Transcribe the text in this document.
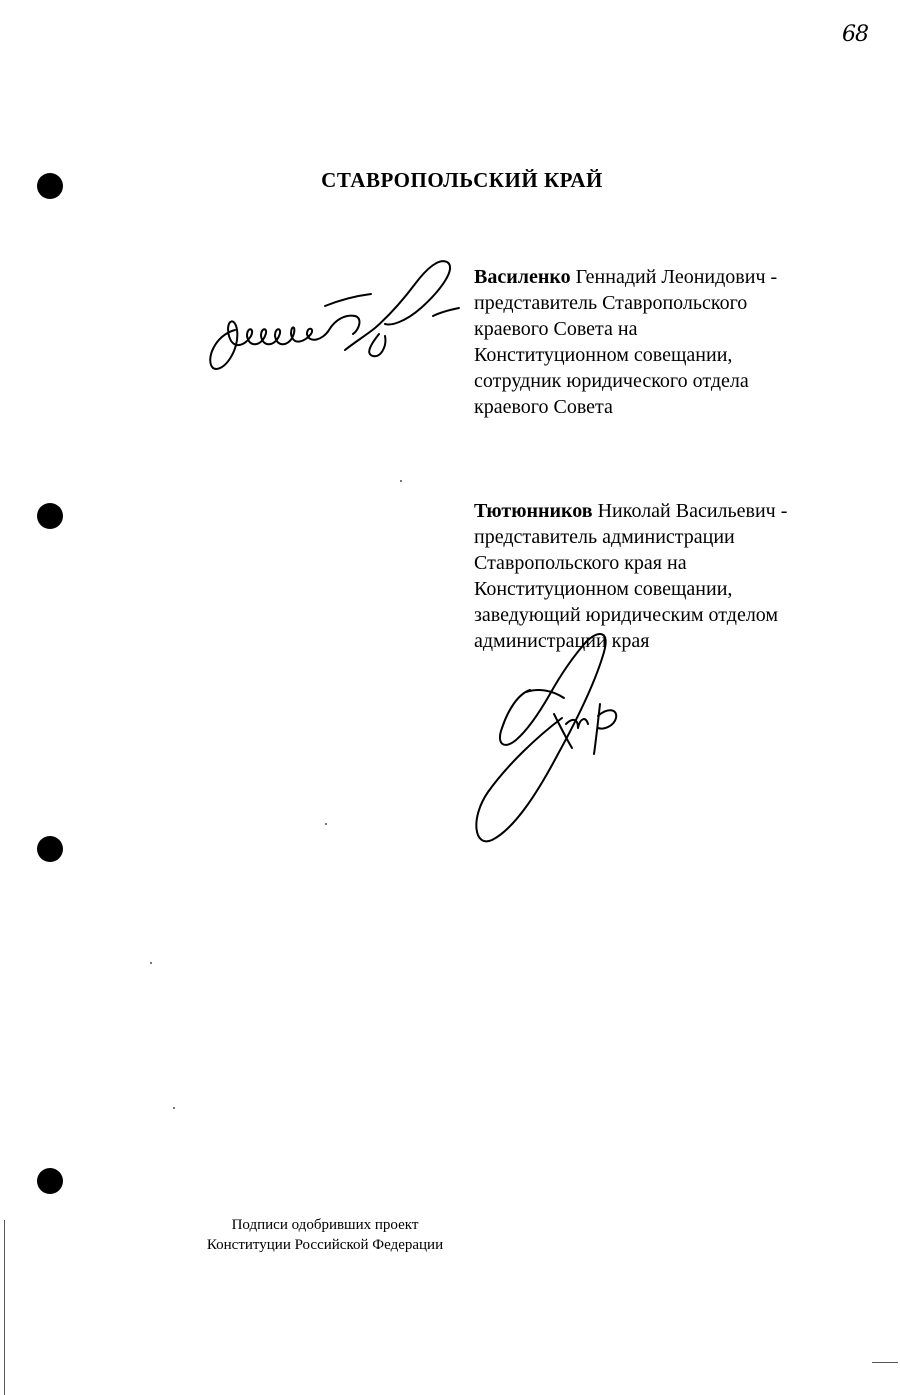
68
СТАВРОПОЛЬСКИЙ КРАЙ
Василенко Геннадий Леонидович -
представитель Ставропольского
краевого Совета на
Конституционном совещании,
сотрудник юридического отдела
краевого Совета
Тютюнников Николай Васильевич -
представитель администрации
Ставропольского края на
Конституционном совещании,
заведующий юридическим отделом
администрации края
Подписи одобривших проект
Конституции Российской Федерации
